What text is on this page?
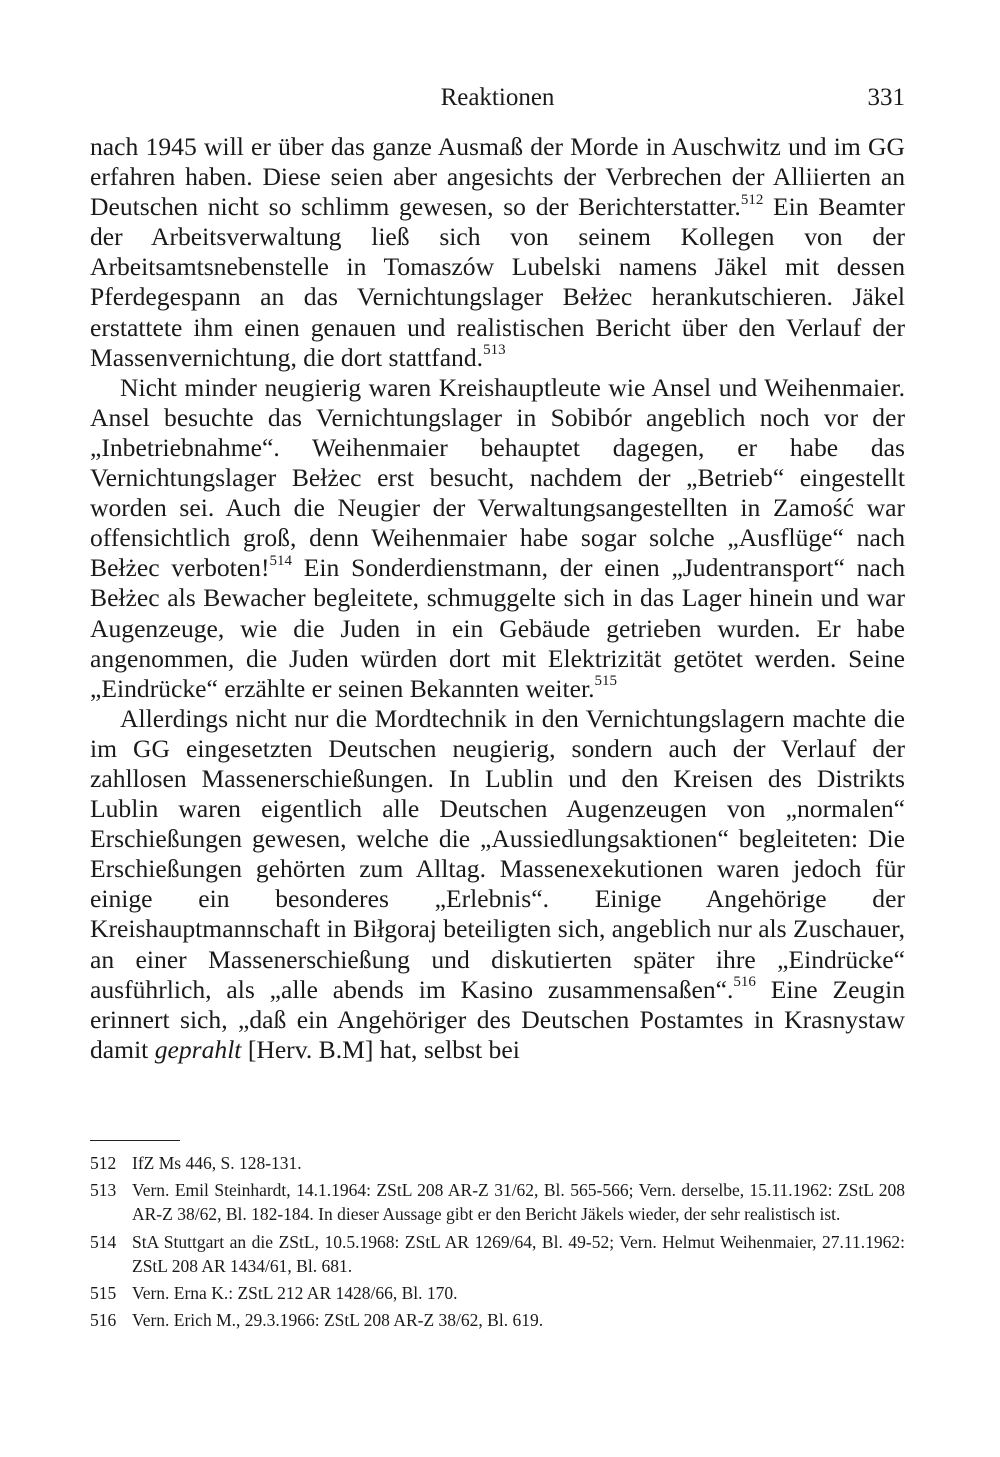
Reaktionen	331

nach 1945 will er über das ganze Ausmaß der Morde in Auschwitz und im GG erfahren haben. Diese seien aber angesichts der Verbrechen der Alliierten an Deutschen nicht so schlimm gewesen, so der Berichterstatter.$^{512}$ Ein Beamter der Arbeitsverwaltung ließ sich von seinem Kollegen von der Arbeitsamtsnebenstelle in Tomaszów Lubelski namens Jäkel mit dessen Pferdegespann an das Vernichtungslager Bełżec herankutschieren. Jäkel erstattete ihm einen genauen und realistischen Bericht über den Verlauf der Massenvernichtung, die dort stattfand.$^{513}$

Nicht minder neugierig waren Kreishauptleute wie Ansel und Weihenmaier. Ansel besuchte das Vernichtungslager in Sobibór angeblich noch vor der „Inbetriebnahme“. Weihenmaier behauptet dagegen, er habe das Vernichtungslager Bełżec erst besucht, nachdem der „Betrieb“ eingestellt worden sei. Auch die Neugier der Verwaltungsangestellten in Zamość war offensichtlich groß, denn Weihenmaier habe sogar solche „Ausflüge“ nach Bełżec verboten!$^{514}$ Ein Sonderdienstmann, der einen „Judentransport“ nach Bełżec als Bewacher begleitete, schmuggelte sich in das Lager hinein und war Augenzeuge, wie die Juden in ein Gebäude getrieben wurden. Er habe angenommen, die Juden würden dort mit Elektrizität getötet werden. Seine „Eindrücke“ erzählte er seinen Bekannten weiter.$^{515}$

Allerdings nicht nur die Mordtechnik in den Vernichtungslagern machte die im GG eingesetzten Deutschen neugierig, sondern auch der Verlauf der zahllosen Massenerschießungen. In Lublin und den Kreisen des Distrikts Lublin waren eigentlich alle Deutschen Augenzeugen von „normalen“ Erschießungen gewesen, welche die „Aussiedlungsaktionen“ begleiteten: Die Erschießungen gehörten zum Alltag. Massenexekutionen waren jedoch für einige ein besonderes „Erlebnis“. Einige Angehörige der Kreishauptmannschaft in Biłgoraj beteiligten sich, angeblich nur als Zuschauer, an einer Massenerschießung und diskutierten später ihre „Eindrücke“ ausführlich, als „alle abends im Kasino zusammensaßen“.$^{516}$ Eine Zeugin erinnert sich, „daß ein Angehöriger des Deutschen Postamtes in Krasnystaw damit geprahlt [Herv. B.M] hat, selbst bei

512 IfZ Ms 446, S. 128-131.
513 Vern. Emil Steinhardt, 14.1.1964: ZStL 208 AR-Z 31/62, Bl. 565-566; Vern. derselbe, 15.11.1962: ZStL 208 AR-Z 38/62, Bl. 182-184. In dieser Aussage gibt er den Bericht Jäkels wieder, der sehr realistisch ist.
514 StA Stuttgart an die ZStL, 10.5.1968: ZStL AR 1269/64, Bl. 49-52; Vern. Helmut Weihenmaier, 27.11.1962: ZStL 208 AR 1434/61, Bl. 681.
515 Vern. Erna K.: ZStL 212 AR 1428/66, Bl. 170.
516 Vern. Erich M., 29.3.1966: ZStL 208 AR-Z 38/62, Bl. 619.
